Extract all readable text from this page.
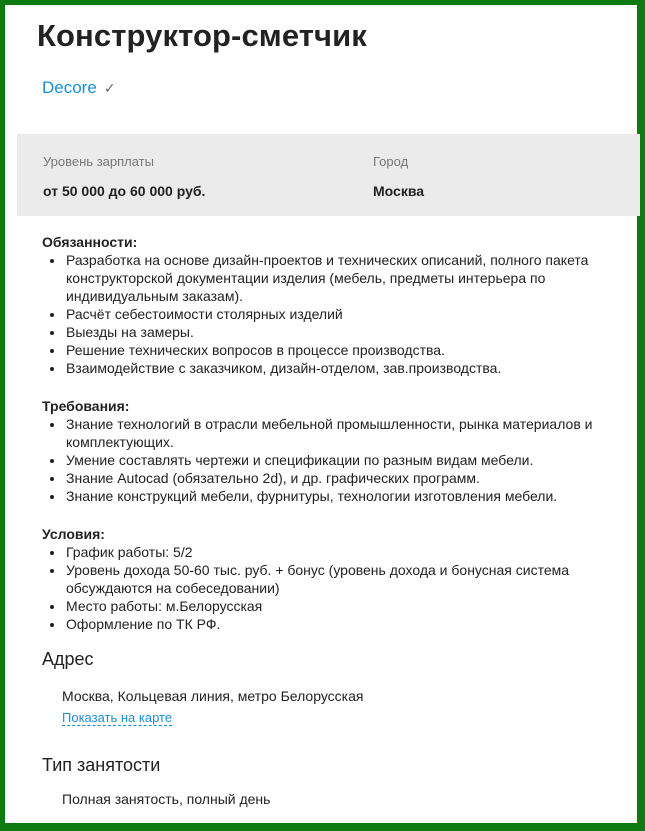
Конструктор-сметчик
Decore ✓
Уровень зарплаты
от 50 000 до 60 000 руб.
Город
Москва
Обязанности:
• Разработка на основе дизайн-проектов и технических описаний, полного пакета конструкторской документации изделия (мебель, предметы интерьера по индивидуальным заказам).
• Расчёт себестоимости столярных изделий
• Выезды на замеры.
• Решение технических вопросов в процессе производства.
• Взаимодействие с заказчиком, дизайн-отделом, зав.производства.
Требования:
• Знание технологий в отрасли мебельной промышленности, рынка материалов и комплектующих.
• Умение составлять чертежи и спецификации по разным видам мебели.
• Знание Autocad (обязательно 2d), и др. графических программ.
• Знание конструкций мебели, фурнитуры, технологии изготовления мебели.
Условия:
• График работы: 5/2
• Уровень дохода 50-60 тыс. руб. + бонус (уровень дохода и бонусная система обсуждаются на собеседовании)
• Место работы: м.Белорусская
• Оформление по ТК РФ.
Адрес
Москва, Кольцевая линия, метро Белорусская
Показать на карте
Тип занятости
Полная занятость, полный день
